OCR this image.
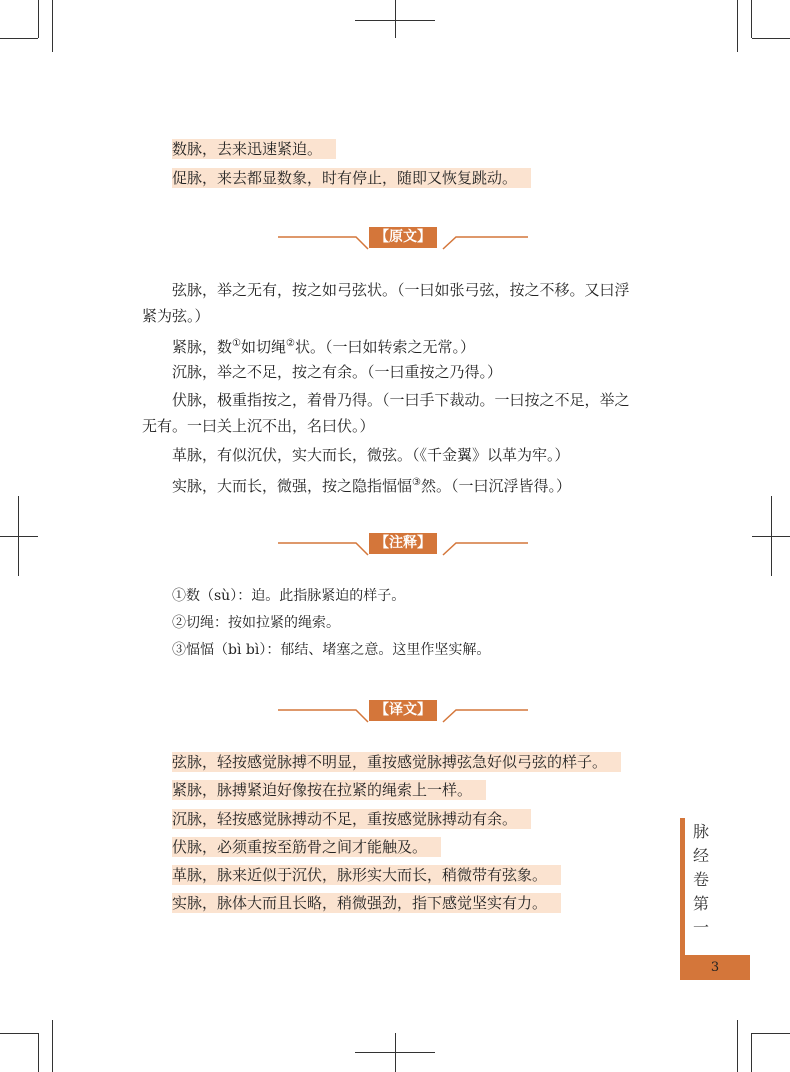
数脉，去来迅速紧迫。
促脉，来去都显数象，时有停止，随即又恢复跳动。
【原文】
弦脉，举之无有，按之如弓弦状。（一曰如张弓弦，按之不移。又曰浮
紧为弦。）
紧脉，数①如切绳②状。（一曰如转索之无常。）
沉脉，举之不足，按之有余。（一曰重按之乃得。）
伏脉，极重指按之，着骨乃得。（一曰手下裁动。一曰按之不足，举之
无有。一曰关上沉不出，名曰伏。）
革脉，有似沉伏，实大而长，微弦。（《千金翼》以革为牢。）
实脉，大而长，微强，按之隐指愊愊③然。（一曰沉浮皆得。）
【注释】
①数（sù）：迫。此指脉紧迫的样子。
②切绳：按如拉紧的绳索。
③愊愊（bì bì）：郁结、堵塞之意。这里作坚实解。
【译文】
弦脉，轻按感觉脉搏不明显，重按感觉脉搏弦急好似弓弦的样子。
紧脉，脉搏紧迫好像按在拉紧的绳索上一样。
沉脉，轻按感觉脉搏动不足，重按感觉脉搏动有余。
伏脉，必须重按至筋骨之间才能触及。
革脉，脉来近似于沉伏，脉形实大而长，稍微带有弦象。
实脉，脉体大而且长略，稍微强劲，指下感觉坚实有力。
脉
经
卷
第
一
3
